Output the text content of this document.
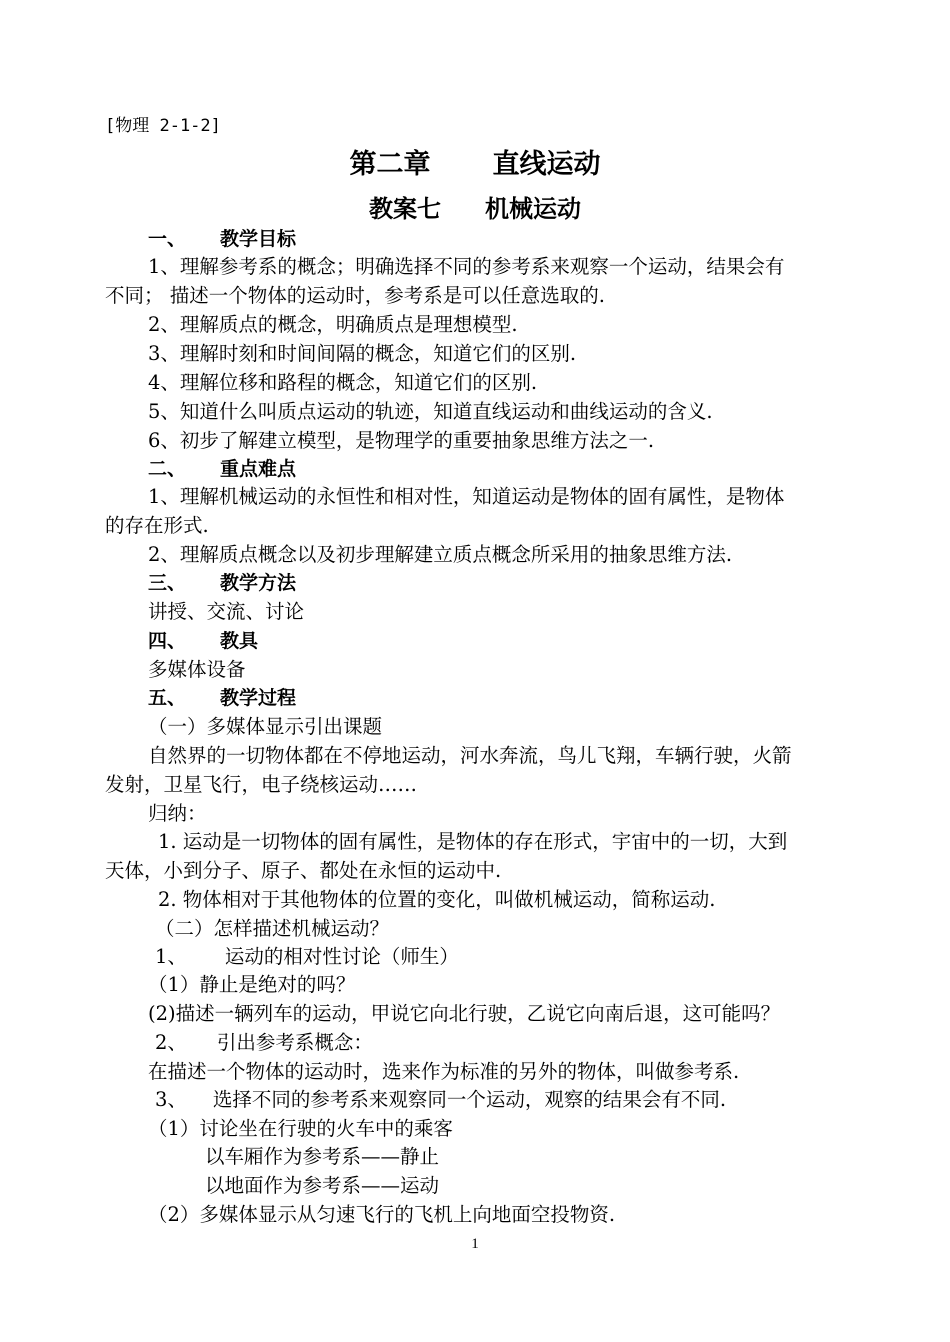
[物理 2-1-2]
第二章 直线运动
教案七 机械运动
一、 教学目标
1、理解参考系的概念；明确选择不同的参考系来观察一个运动，结果会有
不同； 描述一个物体的运动时，参考系是可以任意选取的.
2、理解质点的概念，明确质点是理想模型.
3、理解时刻和时间间隔的概念，知道它们的区别.
4、理解位移和路程的概念，知道它们的区别.
5、知道什么叫质点运动的轨迹，知道直线运动和曲线运动的含义.
6、初步了解建立模型，是物理学的重要抽象思维方法之一.
二、 重点难点
1、理解机械运动的永恒性和相对性，知道运动是物体的固有属性，是物体
的存在形式.
2、理解质点概念以及初步理解建立质点概念所采用的抽象思维方法.
三、 教学方法
讲授、交流、讨论
四、 教具
多媒体设备
五、 教学过程
（一）多媒体显示引出课题
自然界的一切物体都在不停地运动，河水奔流，鸟儿飞翔，车辆行驶，火箭
发射，卫星飞行，电子绕核运动……
归纳：
1. 运动是一切物体的固有属性，是物体的存在形式，宇宙中的一切，大到
天体，小到分子、原子、都处在永恒的运动中.
2. 物体相对于其他物体的位置的变化，叫做机械运动，简称运动.
（二）怎样描述机械运动？
1、 运动的相对性讨论（师生）
（1）静止是绝对的吗？
(2)描述一辆列车的运动，甲说它向北行驶，乙说它向南后退，这可能吗？
2、 引出参考系概念：
在描述一个物体的运动时，选来作为标准的另外的物体，叫做参考系.
3、 选择不同的参考系来观察同一个运动，观察的结果会有不同.
（1）讨论坐在行驶的火车中的乘客
以车厢作为参考系——静止
以地面作为参考系——运动
（2）多媒体显示从匀速飞行的飞机上向地面空投物资.
1
